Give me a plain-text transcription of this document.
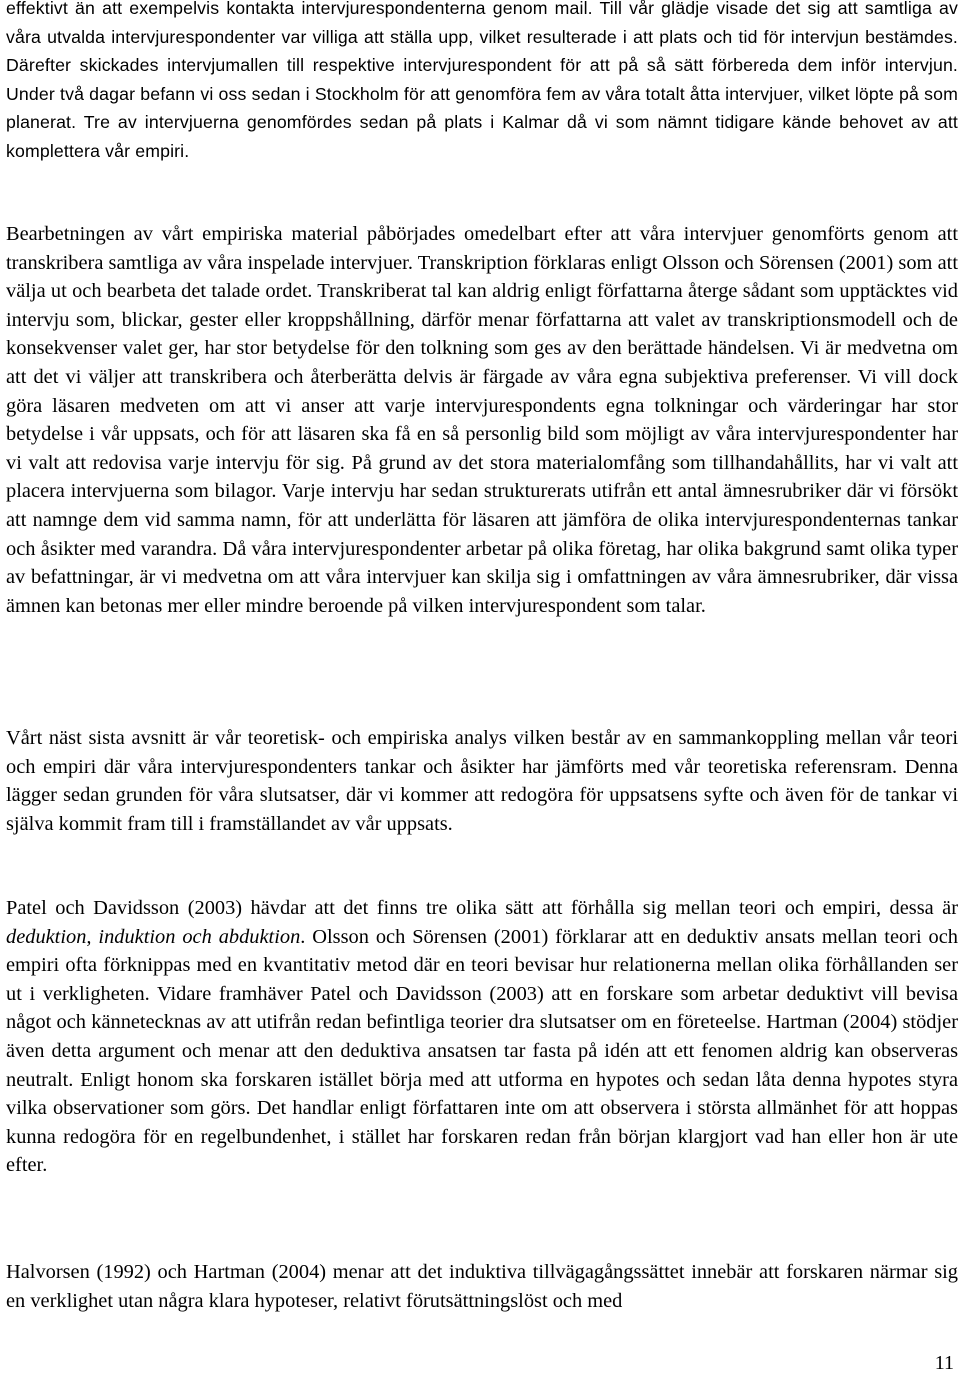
effektivt än att exempelvis kontakta intervjurespondenterna genom mail. Till vår glädje visade det sig att samtliga av våra utvalda intervjurespondenter var villiga att ställa upp, vilket resulterade i att plats och tid för intervjun bestämdes. Därefter skickades intervjumallen till respektive intervjurespondent för att på så sätt förbereda dem inför intervjun. Under två dagar befann vi oss sedan i Stockholm för att genomföra fem av våra totalt åtta intervjuer, vilket löpte på som planerat. Tre av intervjuerna genomfördes sedan på plats i Kalmar då vi som nämnt tidigare kände behovet av att komplettera vår empiri.

Bearbetningen av vårt empiriska material påbörjades omedelbart efter att våra intervjuer genomförts genom att transkribera samtliga av våra inspelade intervjuer. Transkription förklaras enligt Olsson och Sörensen (2001) som att välja ut och bearbeta det talade ordet. Transkriberat tal kan aldrig enligt författarna återge sådant som upptäcktes vid intervju som, blickar, gester eller kroppshållning, därför menar författarna att valet av transkriptionsmodell och de konsekvenser valet ger, har stor betydelse för den tolkning som ges av den berättade händelsen. Vi är medvetna om att det vi väljer att transkribera och återberätta delvis är färgade av våra egna subjektiva preferenser. Vi vill dock göra läsaren medveten om att vi anser att varje intervjurespondents egna tolkningar och värderingar har stor betydelse i vår uppsats, och för att läsaren ska få en så personlig bild som möjligt av våra intervjurespondenter har vi valt att redovisa varje intervju för sig. På grund av det stora materialomfång som tillhandahållits, har vi valt att placera intervjuerna som bilagor. Varje intervju har sedan strukturerats utifrån ett antal ämnesrubriker där vi försökt att namnge dem vid samma namn, för att underlätta för läsaren att jämföra de olika intervjurespondenternas tankar och åsikter med varandra. Då våra intervjurespondenter arbetar på olika företag, har olika bakgrund samt olika typer av befattningar, är vi medvetna om att våra intervjuer kan skilja sig i omfattningen av våra ämnesrubriker, där vissa ämnen kan betonas mer eller mindre beroende på vilken intervjurespondent som talar.

Vårt näst sista avsnitt är vår teoretisk- och empiriska analys vilken består av en sammankoppling mellan vår teori och empiri där våra intervjurespondenters tankar och åsikter har jämförts med vår teoretiska referensram. Denna lägger sedan grunden för våra slutsatser, där vi kommer att redogöra för uppsatsens syfte och även för de tankar vi själva kommit fram till i framställandet av vår uppsats.

Patel och Davidsson (2003) hävdar att det finns tre olika sätt att förhålla sig mellan teori och empiri, dessa är deduktion, induktion och abduktion. Olsson och Sörensen (2001) förklarar att en deduktiv ansats mellan teori och empiri ofta förknippas med en kvantitativ metod där en teori bevisar hur relationerna mellan olika förhållanden ser ut i verkligheten. Vidare framhäver Patel och Davidsson (2003) att en forskare som arbetar deduktivt vill bevisa något och kännetecknas av att utifrån redan befintliga teorier dra slutsatser om en företeelse. Hartman (2004) stödjer även detta argument och menar att den deduktiva ansatsen tar fasta på idén att ett fenomen aldrig kan observeras neutralt. Enligt honom ska forskaren istället börja med att utforma en hypotes och sedan låta denna hypotes styra vilka observationer som görs. Det handlar enligt författaren inte om att observera i största allmänhet för att hoppas kunna redogöra för en regelbundenhet, i stället har forskaren redan från början klargjort vad han eller hon är ute efter.

Halvorsen (1992) och Hartman (2004) menar att det induktiva tillvägagångssättet innebär att forskaren närmar sig en verklighet utan några klara hypoteser, relativt förutsättningslöst och med

11
